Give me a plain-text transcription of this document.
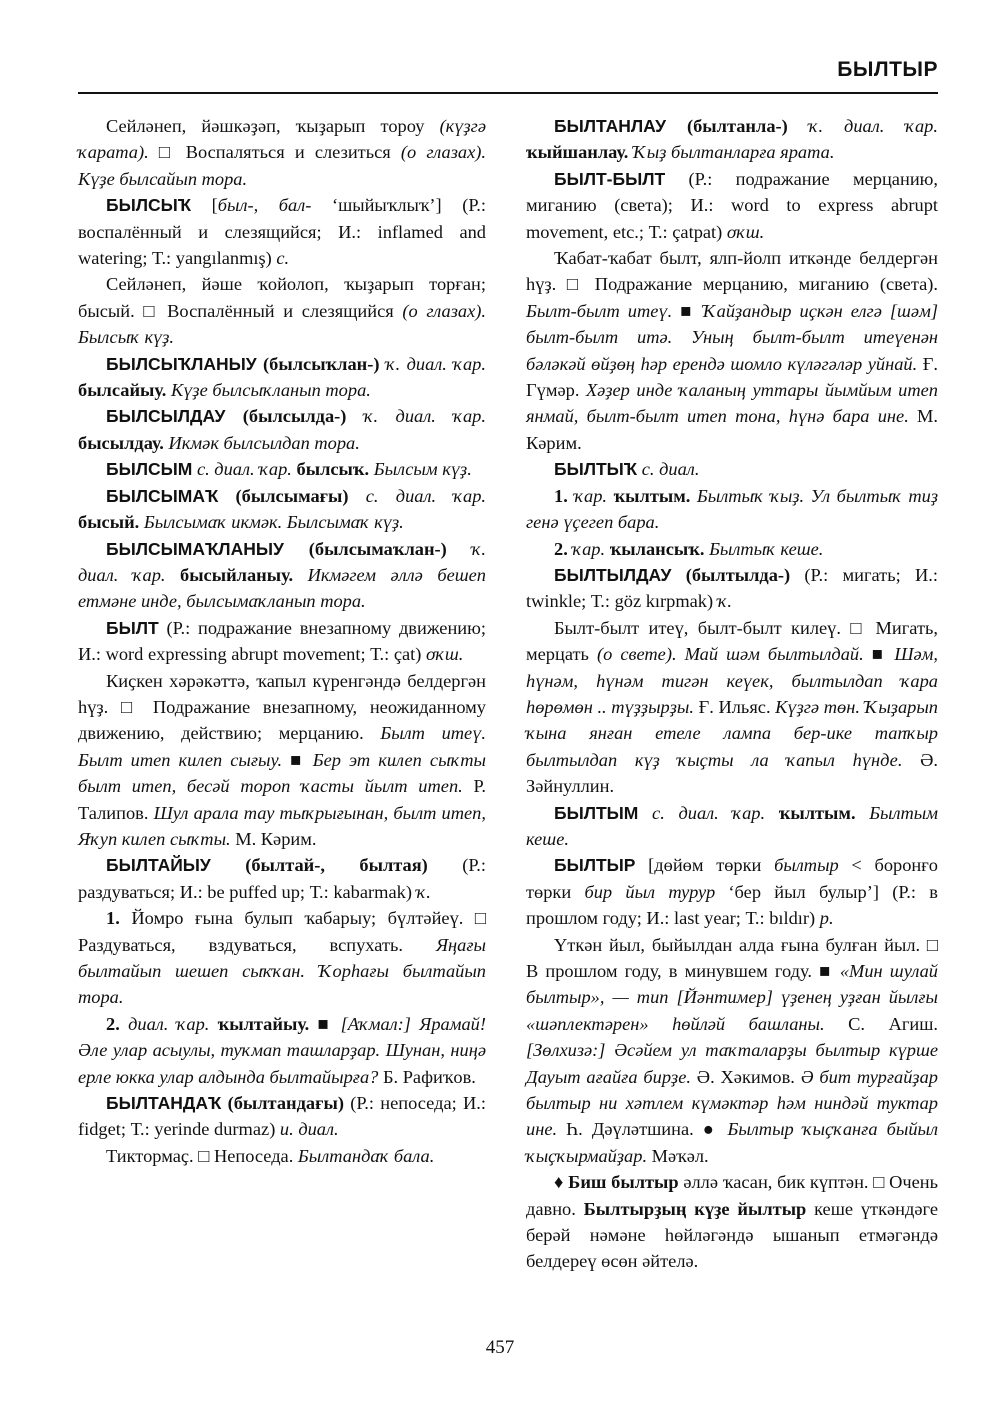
БЫЛТЫР

Сейләнеп, йәшкәҙәп, ҡыҙарып тороу (күҙгә ҡарата). □ Воспаляться и слезиться (о глазах). Күҙе былсайып тора.

БЫЛСЫҠ [был-, бал- ‘шыйыҡлыҡ’] (Р.: воспалённый и слезящийся; И.: inflamed and watering; Т.: yangılanmış) с.

Сейләнеп, йәше ҡойолоп, ҡыҙарып торған; бысый. □ Воспалённый и слезящийся (о глазах). Былсыҡ күҙ.

БЫЛСЫҠЛАНЫУ (былсыҡлан-) ҡ. диал. ҡар. былсайыу. Күҙе былсыҡланып тора.

БЫЛСЫЛДАУ (былсылда-) ҡ. диал. ҡар. бысылдау. Икмәк былсылдап тора.

БЫЛСЫМ с. диал. ҡар. былсыҡ. Былсым күҙ.

БЫЛСЫМАҠ (былсымағы) с. диал. ҡар. бысый. Былсымаҡ икмәк. Былсымаҡ күҙ.

БЫЛСЫМАҠЛАНЫУ (былсымаҡлан-) ҡ. диал. ҡар. бысыйланыу. Икмәгем әллә бешеп етмәне инде, былсымаҡланып тора.

БЫЛТ (Р.: подражание внезапному движению; И.: word expressing abrupt movement; Т.: çat) оҡш.

Киҫкен хәрәкәттә, ҡапыл күренгәндә белдергән һүҙ. □ Подражание внезапному, неожиданному движению, действию; мерцанию. Былт итеү. Былт итеп килеп сығыу. ■ Бер эт килеп сыҡты былт итеп, бесәй тороп ҡасты йылт итеп. Р. Талипов. Шул арала тау тыҡрығынан, былт итеп, Яҡуп килеп сыҡты. М. Кәрим.

БЫЛТАЙЫУ (былтай-, былтая) (Р.: раздуваться; И.: be puffed up; Т.: kabarmak) ҡ.

1. Йомро ғына булып ҡабарыу; бүлтәйеү. □ Раздуваться, вздуваться, вспухать. Яңағы былтайып шешеп сыҡҡан. Ҡорһағы былтайып тора.

2. диал. ҡар. ҡылтайыу. ■ [Аҡмал:] Ярамай! Әле улар асыулы, туҡмап ташларҙар. Шунан, ниңә ерле юкка улар алдында былтайырға? Б. Рафиҡов.

БЫЛТАНДАҠ (былтандағы) (Р.: непоседа; И.: fidget; Т.: yerinde durmaz) и. диал.

Тиктормаҫ. □ Непоседа. Былтандаҡ бала.

БЫЛТАНЛАУ (былтанла-) ҡ. диал. ҡар. ҡыйшанлау. Ҡыҙ былтанларға ярата.

БЫЛТ-БЫЛТ (Р.: подражание мерцанию, миганию (света); И.: word to express abrupt movement, etc.; Т.: çatpat) оҡш.

Ҡабат-ҡабат былт, ялп-йолп иткәнде белдергән һүҙ. □ Подражание мерцанию, миганию (света). Былт-былт итеү. ■ Ҡайҙандыр иҫкән елгә [шәм] былт-былт итә. Уның былт-былт итеүенән бәләкәй өйҙөң һәр ерендә шомло күләгәләр уйнай. Ғ. Гүмәр. Хәҙер инде ҡаланың уттары йымйым итеп янмай, былт-былт итеп тона, һүнә бара ине. М. Кәрим.

БЫЛТЫҠ с. диал.

1. ҡар. ҡылтым. Былтыҡ ҡыҙ. Ул былтыҡ тиҙ генә үҫегеп бара.

2. ҡар. ҡылансыҡ. Былтыҡ кеше.

БЫЛТЫЛДАУ (былтылда-) (Р.: мигать; И.: twinkle; Т.: göz kırpmak) ҡ.

Былт-былт итеү, былт-былт килеү. □ Мигать, мерцать (о свете). Май шәм былтылдай. ■ Шәм, һүнәм, һүнәм тигән кеүек, былтылдап ҡара һөрөмөн .. түҙҙырҙы. Ғ. Ильяс. Күҙгә төн. Ҡыҙарып ҡына янған етеле лампа бер-ике тапҡыр былтылдап күҙ ҡыҫты ла ҡапыл һүнде. Ә. Зәйнуллин.

БЫЛТЫМ с. диал. ҡар. ҡылтым. Былтым кеше.

БЫЛТЫР [дөйөм төрки былтыр < боронғо төрки бир йыл турур ‘бер йыл булыр’] (Р.: в прошлом году; И.: last year; Т.: bıldır) р.

Үткән йыл, быйылдан алда ғына булған йыл. □ В прошлом году, в минувшем году. ■ «Мин шулай былтыр», — тип [Йәнтимер] үҙенең уҙған йылғы «шәплектәрен» һөйләй башланы. С. Агиш. [Зөлхизә:] Әсәйем ул таҡталарҙы былтыр күрше Дауыт ағайға бирҙе. Ә. Хәкимов. Ә бит турғайҙар былтыр ни хәтлем күмәктәр һәм ниндәй туктар ине. Һ. Дәүләтшина. ● Былтыр ҡыҫҡанға быйыл ҡыҫҡырмайҙар. Мәҡәл.

♦ Биш былтыр әллә ҡасан, бик күптән. □ Очень давно. Былтырҙың күҙе йылтыр кеше үткәндәге берәй нәмәне һөйләгәндә ышанып етмәгәндә белдереү өсөн әйтелә.

457
